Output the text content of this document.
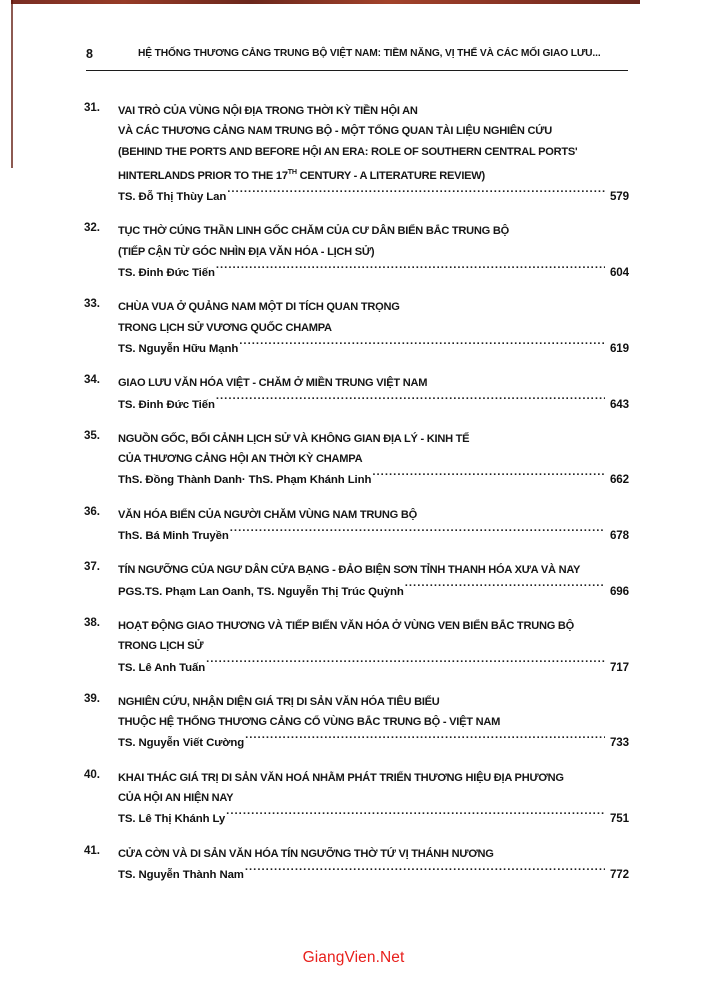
8	HỆ THỐNG THƯƠNG CẢNG TRUNG BỘ VIỆT NAM: TIỀM NĂNG, VỊ THẾ VÀ CÁC MỐI GIAO LƯU...
31.	VAI TRÒ CỦA VÙNG NỘI ĐỊA TRONG THỜI KỲ TIỀN HỘI AN
VÀ CÁC THƯƠNG CẢNG NAM TRUNG BỘ - MỘT TỔNG QUAN TÀI LIỆU NGHIÊN CỨU
(BEHIND THE PORTS AND BEFORE HỘI AN ERA: ROLE OF SOUTHERN CENTRAL PORTS'
HINTERLANDS PRIOR TO THE 17TH CENTURY - A LITERATURE REVIEW)
TS. Đỗ Thị Thùy Lan .....	579
32.	TỤC THỜ CÚNG THẦN LINH GỐC CHĂM CỦA CƯ DÂN BIỂN BẮC TRUNG BỘ
(TIẾP CẬN TỪ GÓC NHÌN ĐỊA VĂN HÓA - LỊCH SỬ)
TS. Đinh Đức Tiến .....	604
33.	CHÙA VUA Ở QUẢNG NAM MỘT DI TÍCH QUAN TRỌNG
TRONG LỊCH SỬ VƯƠNG QUỐC CHAMPA
TS. Nguyễn Hữu Mạnh .....	619
34.	GIAO LƯU VĂN HÓA VIỆT - CHĂM Ở MIỀN TRUNG VIỆT NAM
TS. Đinh Đức Tiến .....	643
35.	NGUỒN GỐC, BỐI CẢNH LỊCH SỬ VÀ KHÔNG GIAN ĐỊA LÝ - KINH TẾ
CỦA THƯƠNG CẢNG HỘI AN THỜI KỲ CHAMPA
ThS. Đồng Thành Danh· ThS. Phạm Khánh Linh .....	662
36.	VĂN HÓA BIỂN CỦA NGƯỜI CHĂM VÙNG NAM TRUNG BỘ
ThS. Bá Minh Truyền .....	678
37.	TÍN NGƯỠNG CỦA NGƯ DÂN CỬA BẠNG - ĐẢO BIỆN SƠN TỈNH THANH HÓA XƯA VÀ NAY
PGS.TS. Phạm Lan Oanh, TS. Nguyễn Thị Trúc Quỳnh .....	696
38.	HOẠT ĐỘNG GIAO THƯƠNG VÀ TIẾP BIẾN VĂN HÓA Ở VÙNG VEN BIỂN BẮC TRUNG BỘ
TRONG LỊCH SỬ
TS. Lê Anh Tuấn .....	717
39.	NGHIÊN CỨU, NHẬN DIỆN GIÁ TRỊ DI SẢN VĂN HÓA TIÊU BIỂU
THUỘC HỆ THỐNG THƯƠNG CẢNG CỔ VÙNG BẮC TRUNG BỘ - VIỆT NAM
TS. Nguyễn Viết Cường .....	733
40.	KHAI THÁC GIÁ TRỊ DI SẢN VĂN HOÁ NHẰM PHÁT TRIỂN THƯƠNG HIỆU ĐỊA PHƯƠNG
CỦA HỘI AN HIỆN NAY
TS. Lê Thị Khánh Ly .....	751
41.	CỬA CỜN VÀ DI SẢN VĂN HÓA TÍN NGƯỠNG THỜ TỨ VỊ THÁNH NƯƠNG
TS. Nguyễn Thành Nam .....	772
GiangVien.Net
